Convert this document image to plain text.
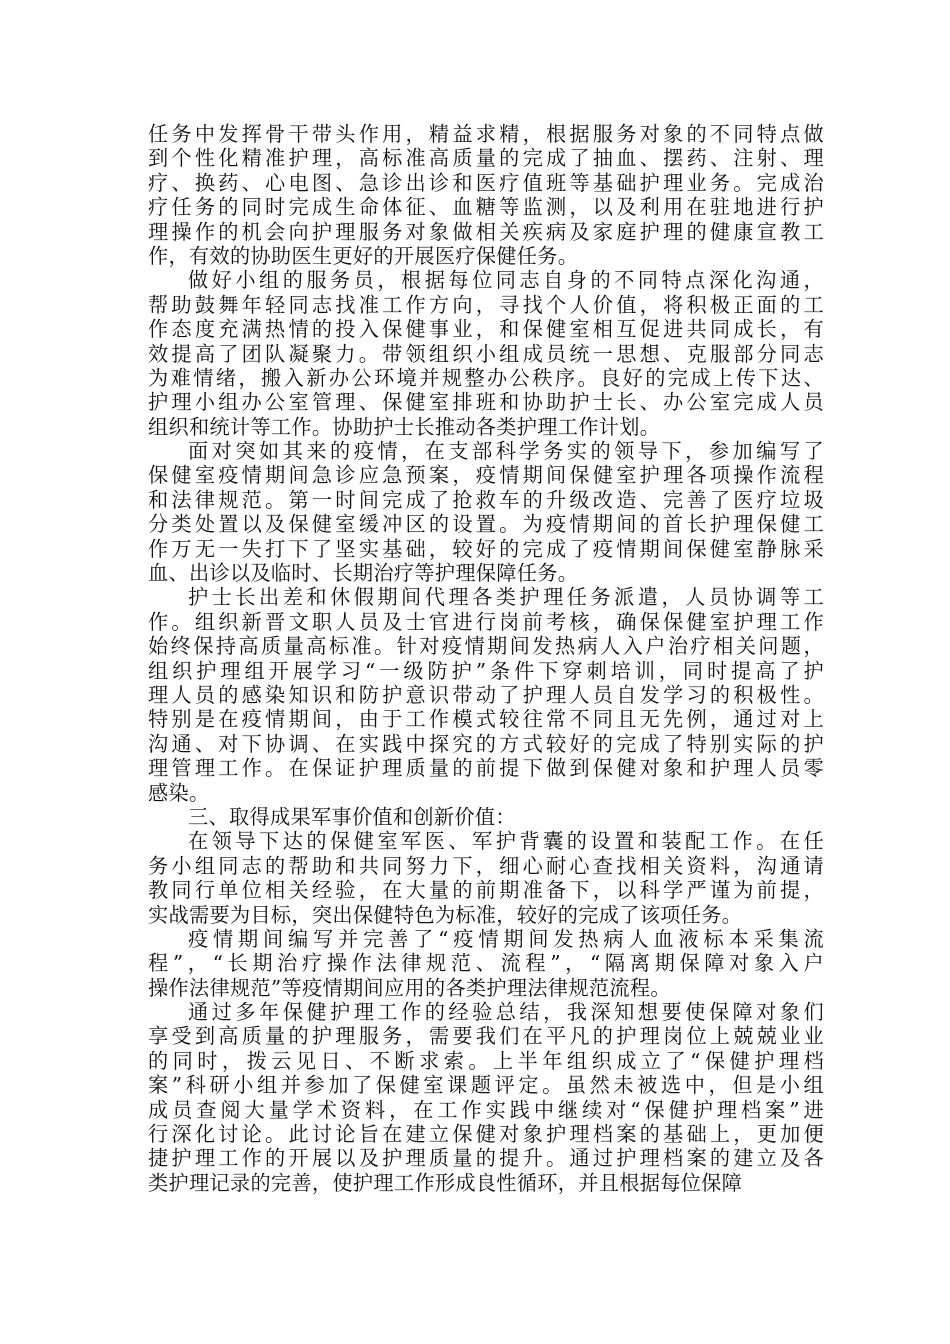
任务中发挥骨干带头作用，精益求精，根据服务对象的不同特点做
到个性化精准护理，高标准高质量的完成了抽血、摆药、注射、理
疗、换药、心电图、急诊出诊和医疗值班等基础护理业务。完成治
疗任务的同时完成生命体征、血糖等监测，以及利用在驻地进行护
理操作的机会向护理服务对象做相关疾病及家庭护理的健康宣教工
作，有效的协助医生更好的开展医疗保健任务。
做好小组的服务员，根据每位同志自身的不同特点深化沟通，
帮助鼓舞年轻同志找准工作方向，寻找个人价值，将积极正面的工
作态度充满热情的投入保健事业，和保健室相互促进共同成长，有
效提高了团队凝聚力。带领组织小组成员统一思想、克服部分同志
为难情绪，搬入新办公环境并规整办公秩序。良好的完成上传下达、
护理小组办公室管理、保健室排班和协助护士长、办公室完成人员
组织和统计等工作。协助护士长推动各类护理工作计划。
面对突如其来的疫情，在支部科学务实的领导下，参加编写了
保健室疫情期间急诊应急预案，疫情期间保健室护理各项操作流程
和法律规范。第一时间完成了抢救车的升级改造、完善了医疗垃圾
分类处置以及保健室缓冲区的设置。为疫情期间的首长护理保健工
作万无一失打下了坚实基础，较好的完成了疫情期间保健室静脉采
血、出诊以及临时、长期治疗等护理保障任务。
护士长出差和休假期间代理各类护理任务派遣，人员协调等工
作。组织新晋文职人员及士官进行岗前考核，确保保健室护理工作
始终保持高质量高标准。针对疫情期间发热病人入户治疗相关问题，
组织护理组开展学习“一级防护”条件下穿刺培训，同时提高了护
理人员的感染知识和防护意识带动了护理人员自发学习的积极性。
特别是在疫情期间，由于工作模式较往常不同且无先例，通过对上
沟通、对下协调、在实践中探究的方式较好的完成了特别实际的护
理管理工作。在保证护理质量的前提下做到保健对象和护理人员零
感染。
三、取得成果军事价值和创新价值：
在领导下达的保健室军医、军护背囊的设置和装配工作。在任
务小组同志的帮助和共同努力下，细心耐心查找相关资料，沟通请
教同行单位相关经验，在大量的前期准备下，以科学严谨为前提，
实战需要为目标，突出保健特色为标准，较好的完成了该项任务。
疫情期间编写并完善了“疫情期间发热病人血液标本采集流
程”，“长期治疗操作法律规范、流程”，“隔离期保障对象入户
操作法律规范”等疫情期间应用的各类护理法律规范流程。
通过多年保健护理工作的经验总结，我深知想要使保障对象们
享受到高质量的护理服务，需要我们在平凡的护理岗位上兢兢业业
的同时，拨云见日、不断求索。上半年组织成立了“保健护理档
案”科研小组并参加了保健室课题评定。虽然未被选中，但是小组
成员查阅大量学术资料，在工作实践中继续对“保健护理档案”进
行深化讨论。此讨论旨在建立保健对象护理档案的基础上，更加便
捷护理工作的开展以及护理质量的提升。通过护理档案的建立及各
类护理记录的完善，使护理工作形成良性循环，并且根据每位保障
